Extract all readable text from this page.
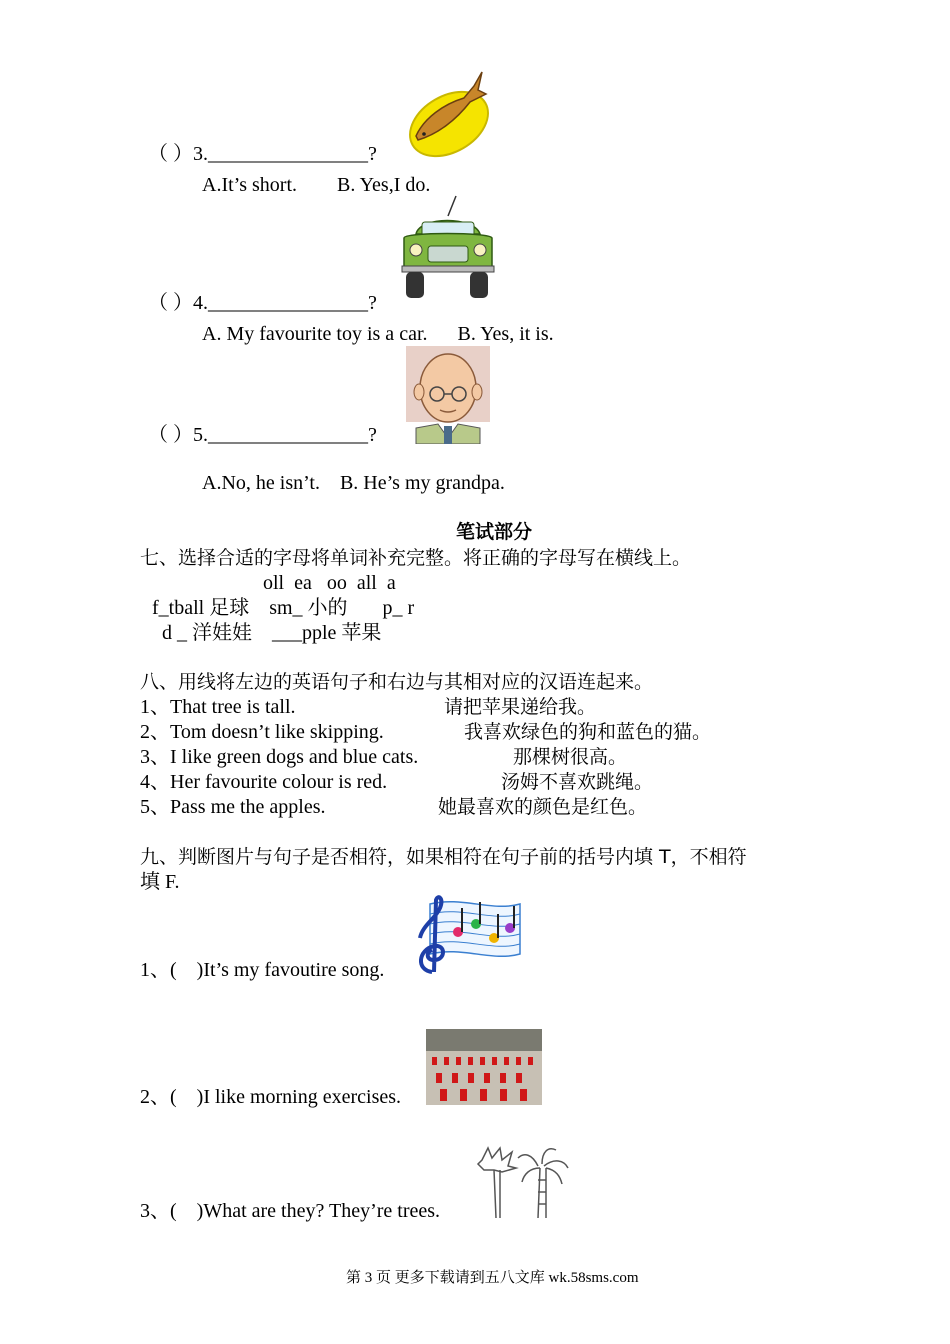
（ ）3.________________?
A.It’s short.        B. Yes,I do.
（ ）4.________________?
A. My favourite toy is a car.      B. Yes, it is.
（ ）5.________________?
A.No, he isn’t.    B. He’s my grandpa.
笔试部分
七、选择合适的字母将单词补充完整。将正确的字母写在横线上。
oll  ea   oo  all  a
f_tball 足球    sm_ 小的       p_ r
d _ 洋娃娃    ___pple 苹果
八、用线将左边的英语句子和右边与其相对应的汉语连起来。
1、That tree is tall.
2、Tom doesn’t like skipping.
3、I like green dogs and blue cats.
4、Her favourite colour is red.
5、Pass me the apples.
请把苹果递给我。
我喜欢绿色的狗和蓝色的猫。
那棵树很高。
汤姆不喜欢跳绳。
她最喜欢的颜色是红色。
九、判断图片与句子是否相符，如果相符在句子前的括号内填 T，不相符
填 F.
1、(    )It’s my favoutire song.
2、(    )I like morning exercises.
3、(    )What are they? They’re trees.
第 3 页 更多下载请到五八文库 wk.58sms.com
